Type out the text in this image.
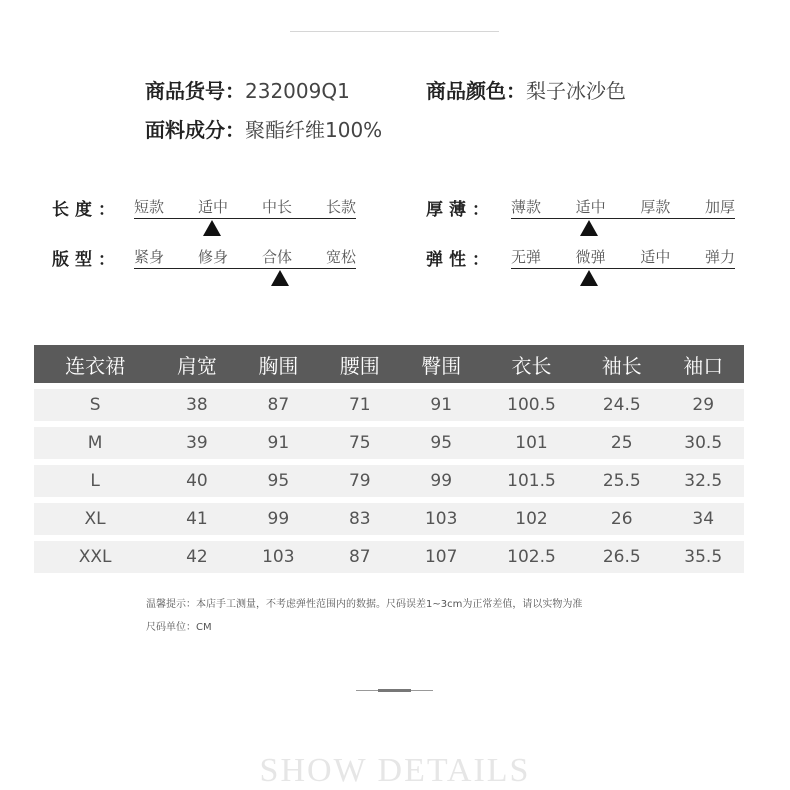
商品货号：232009Q1	商品颜色：梨子冰沙色
面料成分：聚酯纤维100%
长度： 短款 适中 中长 长款
版型： 紧身 修身 合体 宽松
厚薄： 薄款 适中 厚款 加厚
弹性： 无弹 微弹 适中 弹力
连衣裙	肩宽	胸围	腰围	臀围	衣长	袖长	袖口
S	38	87	71	91	100.5	24.5	29
M	39	91	75	95	101	25	30.5
L	40	95	79	99	101.5	25.5	32.5
XL	41	99	83	103	102	26	34
XXL	42	103	87	107	102.5	26.5	35.5
温馨提示：本店手工测量，不考虑弹性范围内的数据。尺码误差1~3cm为正常差值，请以实物为准
尺码单位：CM
SHOW DETAILS
